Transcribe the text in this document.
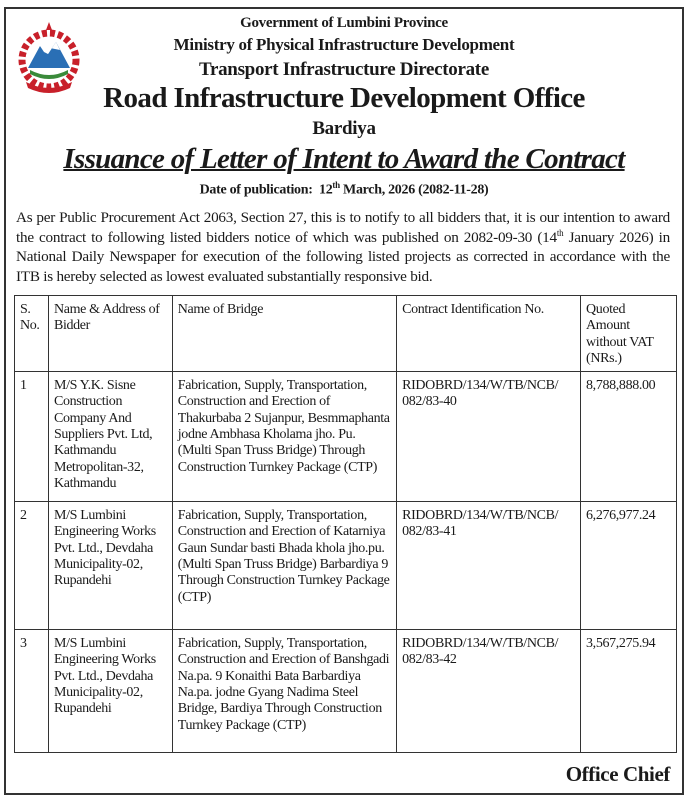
Government of Lumbini Province
Ministry of Physical Infrastructure Development
Transport Infrastructure Directorate
Road Infrastructure Development Office
Bardiya
Issuance of Letter of Intent to Award the Contract
Date of publication: 12th March, 2026 (2082-11-28)
As per Public Procurement Act 2063, Section 27, this is to notify to all bidders that, it is our intention to award the contract to following listed bidders notice of which was published on 2082-09-30 (14th January 2026) in National Daily Newspaper for execution of the following listed projects as corrected in accordance with the ITB is hereby selected as lowest evaluated substantially responsive bid.
S. No.	Name & Address of Bidder	Name of Bridge	Contract Identification No.	Quoted Amount without VAT (NRs.)
1	M/S Y.K. Sisne Construction Company And Suppliers Pvt. Ltd, Kathmandu Metropolitan-32, Kathmandu	Fabrication, Supply, Transportation, Construction and Erection of Thakurbaba 2 Sujanpur, Besmmaphanta jodne Ambhasa Kholama jho. Pu. (Multi Span Truss Bridge) Through Construction Turnkey Package (CTP)	RIDOBRD/134/W/TB/NCB/ 082/83-40	8,788,888.00
2	M/S Lumbini Engineering Works Pvt. Ltd., Devdaha Municipality-02, Rupandehi	Fabrication, Supply, Transportation, Construction and Erection of Katarniya Gaun Sundar basti Bhada khola jho.pu. (Multi Span Truss Bridge) Barbardiya 9 Through Construction Turnkey Package (CTP)	RIDOBRD/134/W/TB/NCB/ 082/83-41	6,276,977.24
3	M/S Lumbini Engineering Works Pvt. Ltd., Devdaha Municipality-02, Rupandehi	Fabrication, Supply, Transportation, Construction and Erection of Banshgadi Na.pa. 9 Konaithi Bata Barbardiya Na.pa. jodne Gyang Nadima Steel Bridge, Bardiya Through Construction Turnkey Package (CTP)	RIDOBRD/134/W/TB/NCB/ 082/83-42	3,567,275.94
Office Chief
